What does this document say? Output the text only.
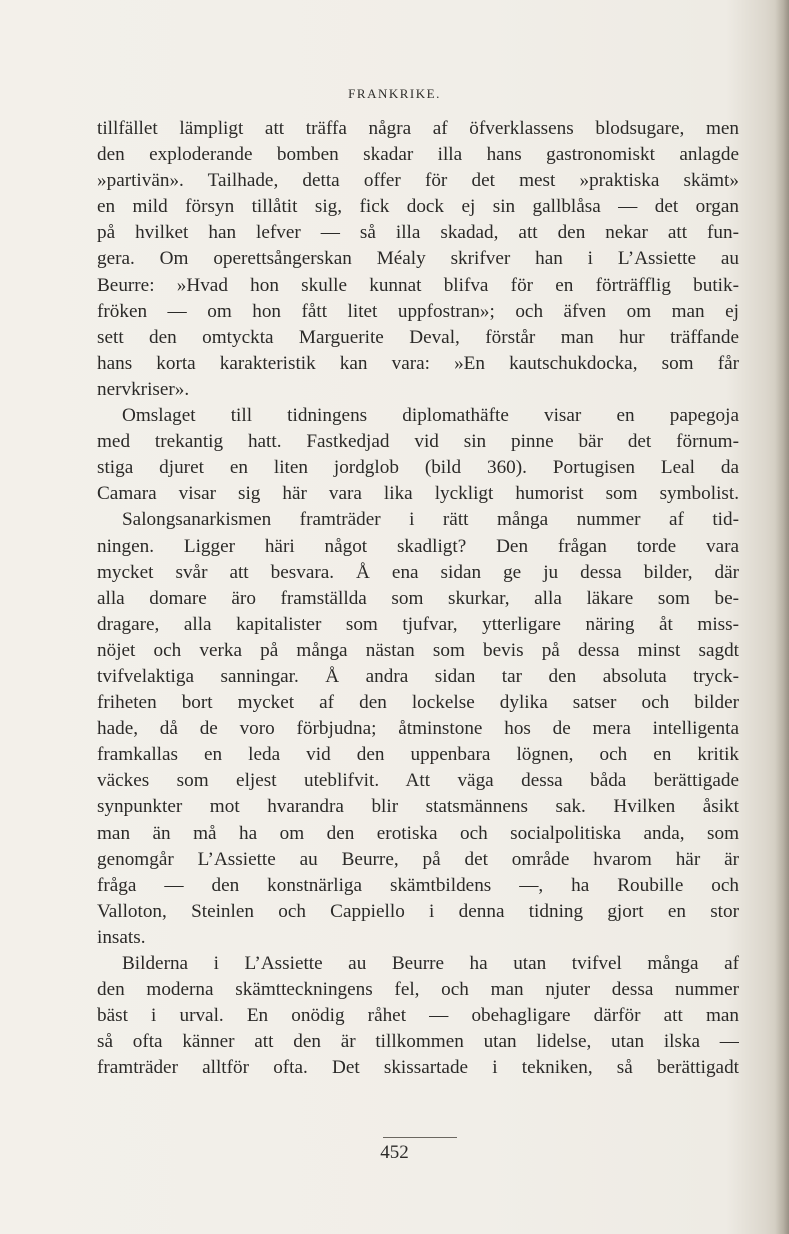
FRANKRIKE.
tillfället lämpligt att träffa några af öfverklassens blodsugare, men
den exploderande bomben skadar illa hans gastronomiskt anlagde
»partivän». Tailhade, detta offer för det mest »praktiska skämt»
en mild försyn tillåtit sig, fick dock ej sin gallblåsa — det organ
på hvilket han lefver — så illa skadad, att den nekar att fun-
gera. Om operettsångerskan Méaly skrifver han i L’Assiette au
Beurre: »Hvad hon skulle kunnat blifva för en förträfflig butik-
fröken — om hon fått litet uppfostran»; och äfven om man ej
sett den omtyckta Marguerite Deval, förstår man hur träffande
hans korta karakteristik kan vara: »En kautschukdocka, som får
nervkriser».
Omslaget till tidningens diplomathäfte visar en papegoja
med trekantig hatt. Fastkedjad vid sin pinne bär det förnum-
stiga djuret en liten jordglob (bild 360). Portugisen Leal da
Camara visar sig här vara lika lyckligt humorist som symbolist.
Salongsanarkismen framträder i rätt många nummer af tid-
ningen. Ligger häri något skadligt? Den frågan torde vara
mycket svår att besvara. Å ena sidan ge ju dessa bilder, där
alla domare äro framställda som skurkar, alla läkare som be-
dragare, alla kapitalister som tjufvar, ytterligare näring åt miss-
nöjet och verka på många nästan som bevis på dessa minst sagdt
tvifvelaktiga sanningar. Å andra sidan tar den absoluta tryck-
friheten bort mycket af den lockelse dylika satser och bilder
hade, då de voro förbjudna; åtminstone hos de mera intelligenta
framkallas en leda vid den uppenbara lögnen, och en kritik
väckes som eljest uteblifvit. Att väga dessa båda berättigade
synpunkter mot hvarandra blir statsmännens sak. Hvilken åsikt
man än må ha om den erotiska och socialpolitiska anda, som
genomgår L’Assiette au Beurre, på det område hvarom här är
fråga — den konstnärliga skämtbildens —, ha Roubille och
Valloton, Steinlen och Cappiello i denna tidning gjort en stor
insats.
Bilderna i L’Assiette au Beurre ha utan tvifvel många af
den moderna skämtteckningens fel, och man njuter dessa nummer
bäst i urval. En onödig råhet — obehagligare därför att man
så ofta känner att den är tillkommen utan lidelse, utan ilska —
framträder alltför ofta. Det skissartade i tekniken, så berättigadt
452
